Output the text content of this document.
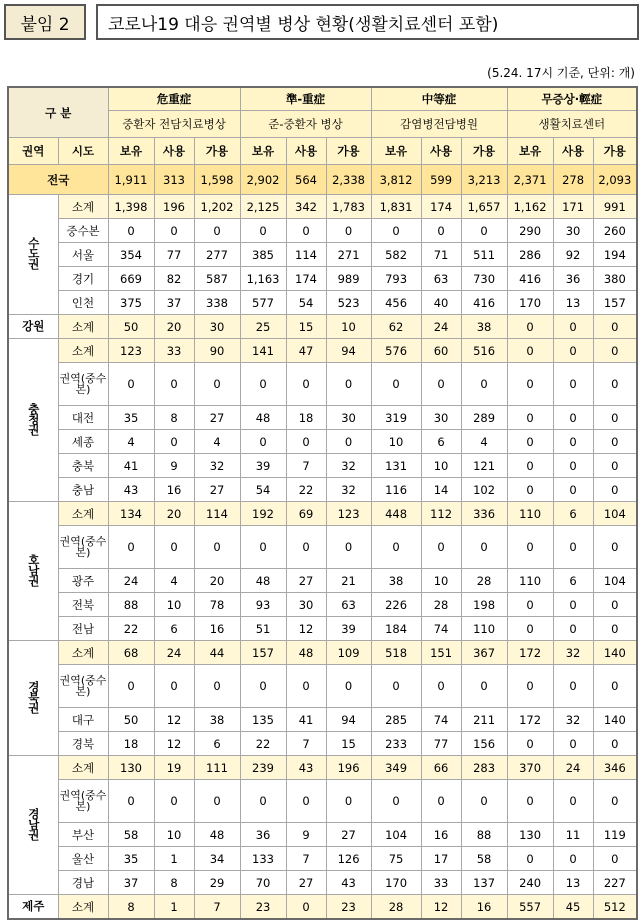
붙임 2	코로나19 대응 권역별 병상 현황(생활치료센터 포함)
(5.24. 17시 기준, 단위: 개)
구 분		危重症			準-重症			中等症			무증상·輕症		
		중환자 전담치료병상			준-중환자 병상			감염병전담병원			생활치료센터		
권역	시도	보유	사용	가용	보유	사용	가용	보유	사용	가용	보유	사용	가용
전국		1,911	313	1,598	2,902	564	2,338	3,812	599	3,213	2,371	278	2,093
수도권	소계	1,398	196	1,202	2,125	342	1,783	1,831	174	1,657	1,162	171	991
	중수본	0	0	0	0	0	0	0	0	0	290	30	260
	서울	354	77	277	385	114	271	582	71	511	286	92	194
	경기	669	82	587	1,163	174	989	793	63	730	416	36	380
	인천	375	37	338	577	54	523	456	40	416	170	13	157
강원	소계	50	20	30	25	15	10	62	24	38	0	0	0
충청권	소계	123	33	90	141	47	94	576	60	516	0	0	0
	권역(중수본)	0	0	0	0	0	0	0	0	0	0	0	0
	대전	35	8	27	48	18	30	319	30	289	0	0	0
	세종	4	0	4	0	0	0	10	6	4	0	0	0
	충북	41	9	32	39	7	32	131	10	121	0	0	0
	충남	43	16	27	54	22	32	116	14	102	0	0	0
호남권	소계	134	20	114	192	69	123	448	112	336	110	6	104
	권역(중수본)	0	0	0	0	0	0	0	0	0	0	0	0
	광주	24	4	20	48	27	21	38	10	28	110	6	104
	전북	88	10	78	93	30	63	226	28	198	0	0	0
	전남	22	6	16	51	12	39	184	74	110	0	0	0
경북권	소계	68	24	44	157	48	109	518	151	367	172	32	140
	권역(중수본)	0	0	0	0	0	0	0	0	0	0	0	0
	대구	50	12	38	135	41	94	285	74	211	172	32	140
	경북	18	12	6	22	7	15	233	77	156	0	0	0
경남권	소계	130	19	111	239	43	196	349	66	283	370	24	346
	권역(중수본)	0	0	0	0	0	0	0	0	0	0	0	0
	부산	58	10	48	36	9	27	104	16	88	130	11	119
	울산	35	1	34	133	7	126	75	17	58	0	0	0
	경남	37	8	29	70	27	43	170	33	137	240	13	227
제주	소계	8	1	7	23	0	23	28	12	16	557	45	512
